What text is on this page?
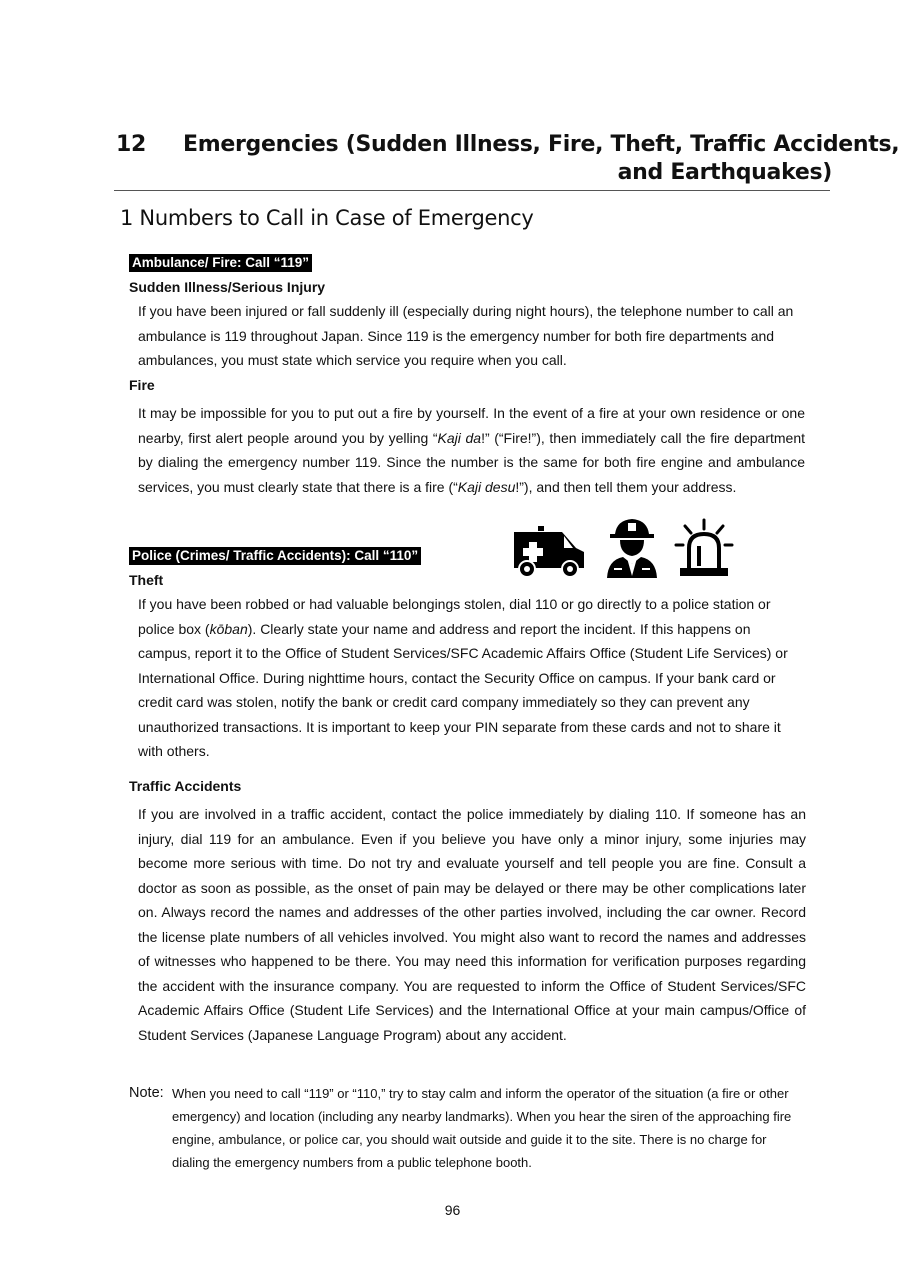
12 Emergencies (Sudden Illness, Fire, Theft, Traffic Accidents,
and Earthquakes)
1 Numbers to Call in Case of Emergency
Ambulance/ Fire: Call “119”
Sudden Illness/Serious Injury
If you have been injured or fall suddenly ill (especially during night hours), the telephone number to call an ambulance is 119 throughout Japan. Since 119 is the emergency number for both fire departments and ambulances, you must state which service you require when you call.
Fire
It may be impossible for you to put out a fire by yourself. In the event of a fire at your own residence or one nearby, first alert people around you by yelling “Kaji da!” (“Fire!”), then immediately call the fire department by dialing the emergency number 119. Since the number is the same for both fire engine and ambulance services, you must clearly state that there is a fire (“Kaji desu!”), and then tell them your address.
Police (Crimes/ Traffic Accidents): Call “110”
Theft
If you have been robbed or had valuable belongings stolen, dial 110 or go directly to a police station or police box (kōban). Clearly state your name and address and report the incident. If this happens on campus, report it to the Office of Student Services/SFC Academic Affairs Office (Student Life Services) or International Office. During nighttime hours, contact the Security Office on campus. If your bank card or credit card was stolen, notify the bank or credit card company immediately so they can prevent any unauthorized transactions. It is important to keep your PIN separate from these cards and not to share it with others.
Traffic Accidents
If you are involved in a traffic accident, contact the police immediately by dialing 110. If someone has an injury, dial 119 for an ambulance. Even if you believe you have only a minor injury, some injuries may become more serious with time. Do not try and evaluate yourself and tell people you are fine. Consult a doctor as soon as possible, as the onset of pain may be delayed or there may be other complications later on. Always record the names and addresses of the other parties involved, including the car owner. Record the license plate numbers of all vehicles involved. You might also want to record the names and addresses of witnesses who happened to be there. You may need this information for verification purposes regarding the accident with the insurance company. You are requested to inform the Office of Student Services/SFC Academic Affairs Office (Student Life Services) and the International Office at your main campus/Office of Student Services (Japanese Language Program) about any accident.
Note: When you need to call “119” or “110,” try to stay calm and inform the operator of the situation (a fire or other emergency) and location (including any nearby landmarks). When you hear the siren of the approaching fire engine, ambulance, or police car, you should wait outside and guide it to the site. There is no charge for dialing the emergency numbers from a public telephone booth.
96
